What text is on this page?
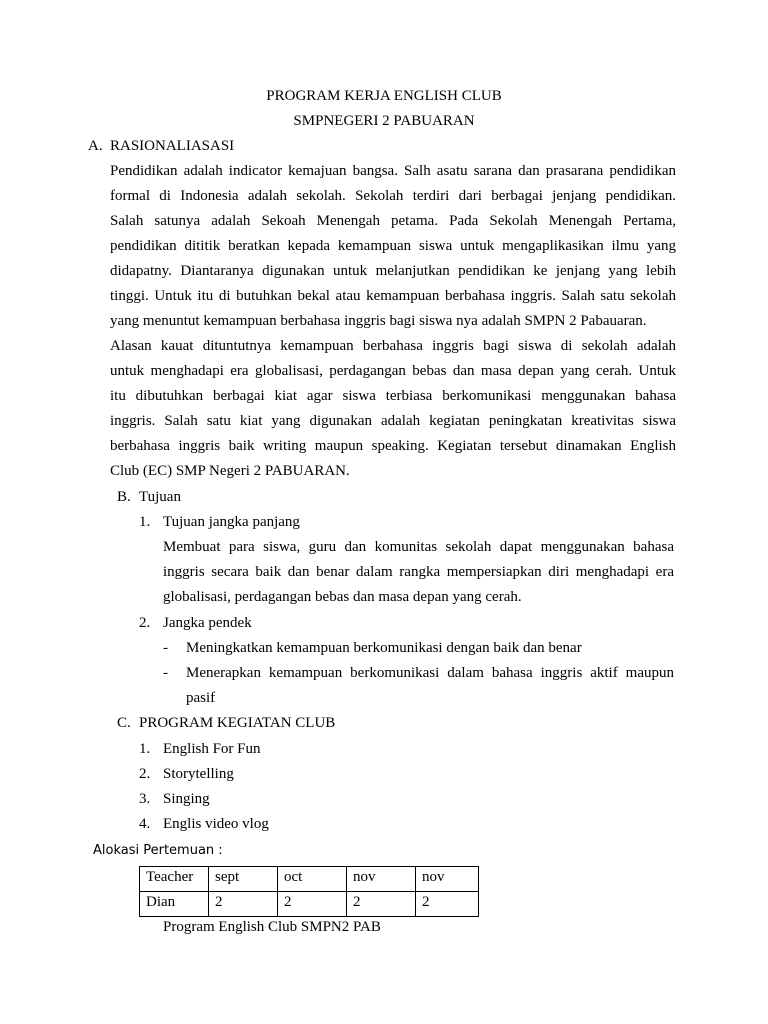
PROGRAM KERJA ENGLISH CLUB
SMPNEGERI 2 PABUARAN
A. RASIONALIASASI
Pendidikan adalah indicator kemajuan bangsa. Salh asatu sarana dan prasarana pendidikan
formal di Indonesia adalah sekolah. Sekolah terdiri dari berbagai jenjang pendidikan.
Salah satunya adalah Sekoah Menengah petama. Pada Sekolah Menengah Pertama,
pendidikan dititik beratkan kepada kemampuan siswa untuk mengaplikasikan ilmu yang
didapatny. Diantaranya digunakan untuk melanjutkan pendidikan ke jenjang yang lebih
tinggi. Untuk itu di butuhkan bekal atau kemampuan berbahasa inggris. Salah satu sekolah
yang menuntut kemampuan berbahasa inggris bagi siswa nya adalah SMPN 2 Pabauaran.
Alasan kauat dituntutnya kemampuan berbahasa inggris bagi siswa di sekolah adalah
untuk menghadapi era globalisasi, perdagangan bebas dan masa depan yang cerah. Untuk
itu dibutuhkan berbagai kiat agar siswa terbiasa berkomunikasi menggunakan bahasa
inggris. Salah satu kiat yang digunakan adalah kegiatan peningkatan kreativitas siswa
berbahasa inggris baik writing maupun speaking. Kegiatan tersebut dinamakan English
Club (EC) SMP Negeri 2 PABUARAN.
B. Tujuan
1. Tujuan jangka panjang
Membuat para siswa, guru dan komunitas sekolah dapat menggunakan bahasa
inggris secara baik dan benar dalam rangka mempersiapkan diri menghadapi era
globalisasi, perdagangan bebas dan masa depan yang cerah.
2. Jangka pendek
- Meningkatkan kemampuan berkomunikasi dengan baik dan benar
- Menerapkan kemampuan berkomunikasi dalam bahasa inggris aktif maupun
pasif
C. PROGRAM KEGIATAN CLUB
1. English For Fun
2. Storytelling
3. Singing
4. Englis video vlog
Alokasi Pertemuan :
Teacher	sept	oct	nov	nov
Dian	2	2	2	2
Program English Club SMPN2 PAB
